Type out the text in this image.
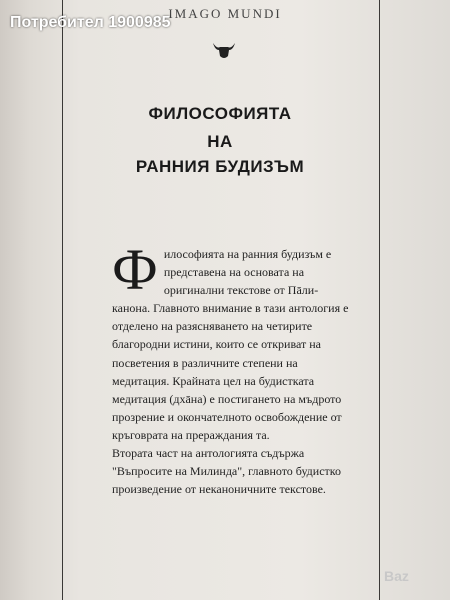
IMAGO MUNDI
Потребител 1900985
ФИЛОСОФИЯТА
НА
РАННИЯ БУДИЗЪМ

Философията на ранния будизъм е представена на основата на оригинални текстове от Пāли-канона. Главното внимание в тази антология е отделено на разясняването на четирите благородни истини, които се откриват на посветения в различните степени на медитация. Крайната цел на будистката медитация (дхāна) е постигането на мъдрото прозрение и окончателното освобождение от кръговрата на прераждания та.

Втората част на антологията съдържа "Въпросите на Милинда", главното будистко произведение от неканоничните текстове.

Baz
